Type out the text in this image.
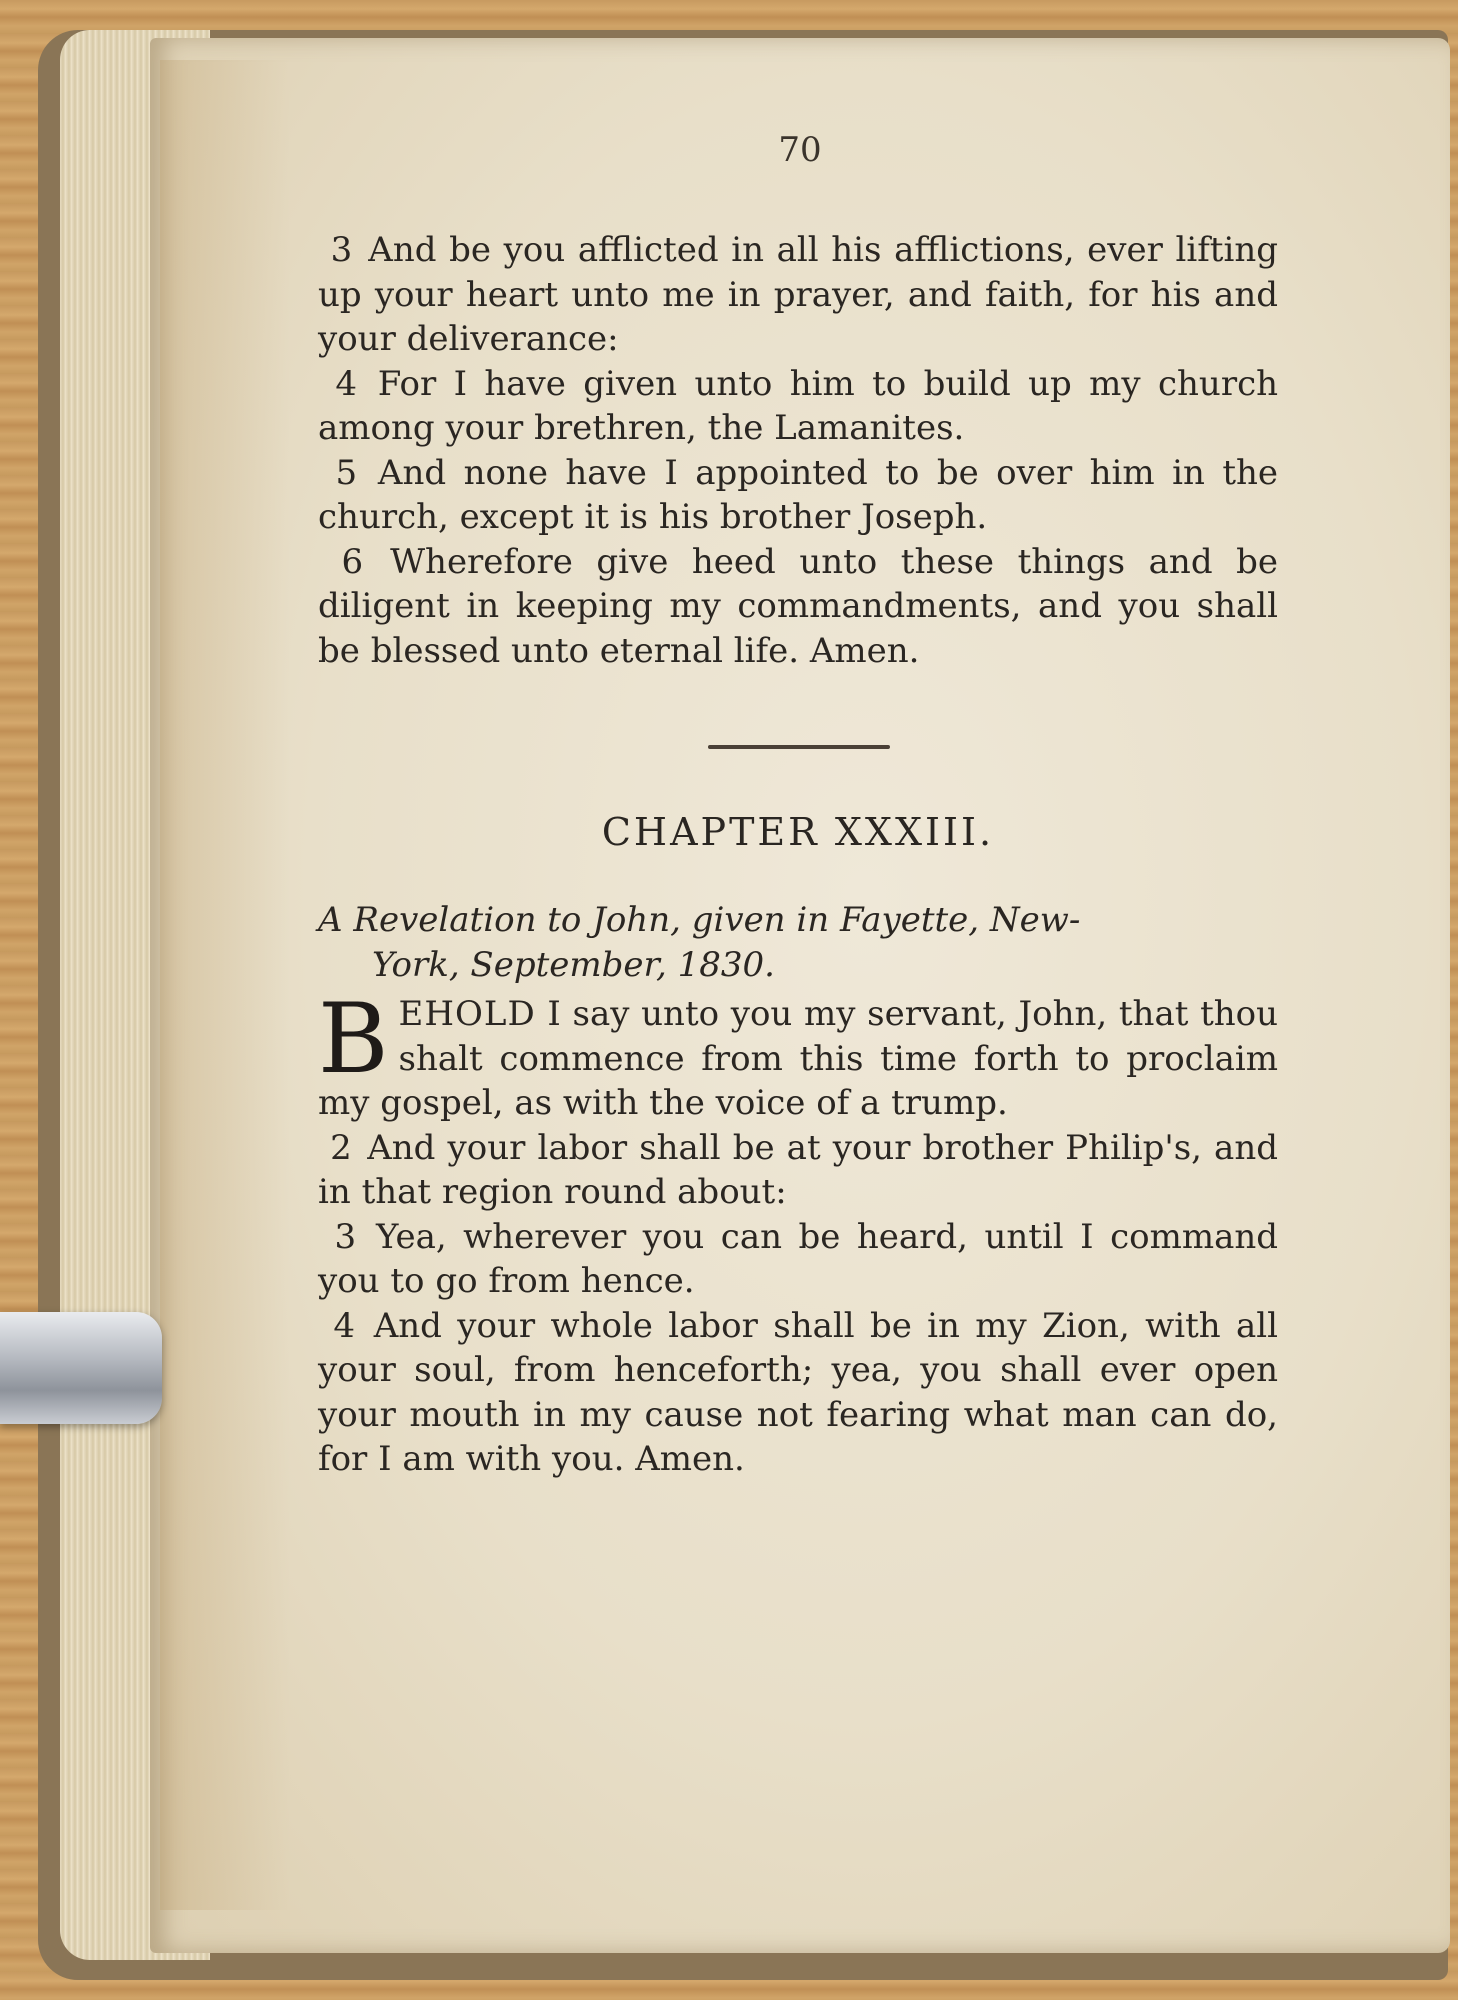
70

3 And be you afflicted in all his afflictions, ever lifting up your heart unto me in prayer, and faith, for his and your deliverance:

4 For I have given unto him to build up my church among your brethren, the Lamanites.

5 And none have I appointed to be over him in the church, except it is his brother Joseph.

6 Wherefore give heed unto these things and be diligent in keeping my commandments, and you shall be blessed unto eternal life. Amen.

CHAPTER XXXIII.
A Revelation to John, given in Fayette, New-
York, September, 1830.

BEHOLD I say unto you my servant, John, that thou shalt commence from this time forth to proclaim my gospel, as with the voice of a trump.

2 And your labor shall be at your brother Philip's, and in that region round about:

3 Yea, wherever you can be heard, until I command you to go from hence.

4 And your whole labor shall be in my Zion, with all your soul, from henceforth; yea, you shall ever open your mouth in my cause not fearing what man can do, for I am with you. Amen.
